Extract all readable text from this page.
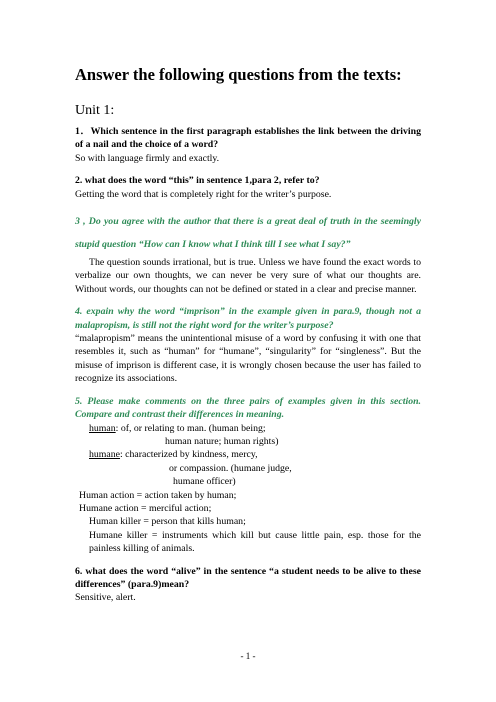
Answer the following questions from the texts:
Unit 1:

1．Which sentence in the first paragraph establishes the link between the driving of a nail and the choice of a word?

So with language firmly and exactly.

2. what does the word “this” in sentence 1,para 2, refer to?

Getting the word that is completely right for the writer’s purpose.

3 , Do you agree with the author that there is a great deal of truth in the seemingly stupid question “How can I know what I think till I see what I say?”

The question sounds irrational, but is true. Unless we have found the exact words to verbalize our own thoughts, we can never be very sure of what our thoughts are. Without words, our thoughts can not be defined or stated in a clear and precise manner.

4. expain why the word “imprison” in the example given in para.9, though not a malapropism, is still not the right word for the writer’s purpose?

“malapropism” means the unintentional misuse of a word by confusing it with one that resembles it, such as “human” for “humane”, “singularity” for “singleness”. But the misuse of imprison is different case, it is wrongly chosen because the user has failed to recognize its associations.

5. Please make comments on the three pairs of examples given in this section. Compare and contrast their differences in meaning.

human: of, or relating to man. (human being;

human nature; human rights)

humane: characterized by kindness, mercy,

or compassion. (humane judge,

humane officer)

Human action = action taken by human;

Humane action = merciful action;

Human killer = person that kills human;

Humane killer = instruments which kill but cause little pain, esp. those for the painless killing of animals.

6. what does the word “alive” in the sentence “a student needs to be alive to these differences” (para.9)mean?

Sensitive, alert.

- 1 -
